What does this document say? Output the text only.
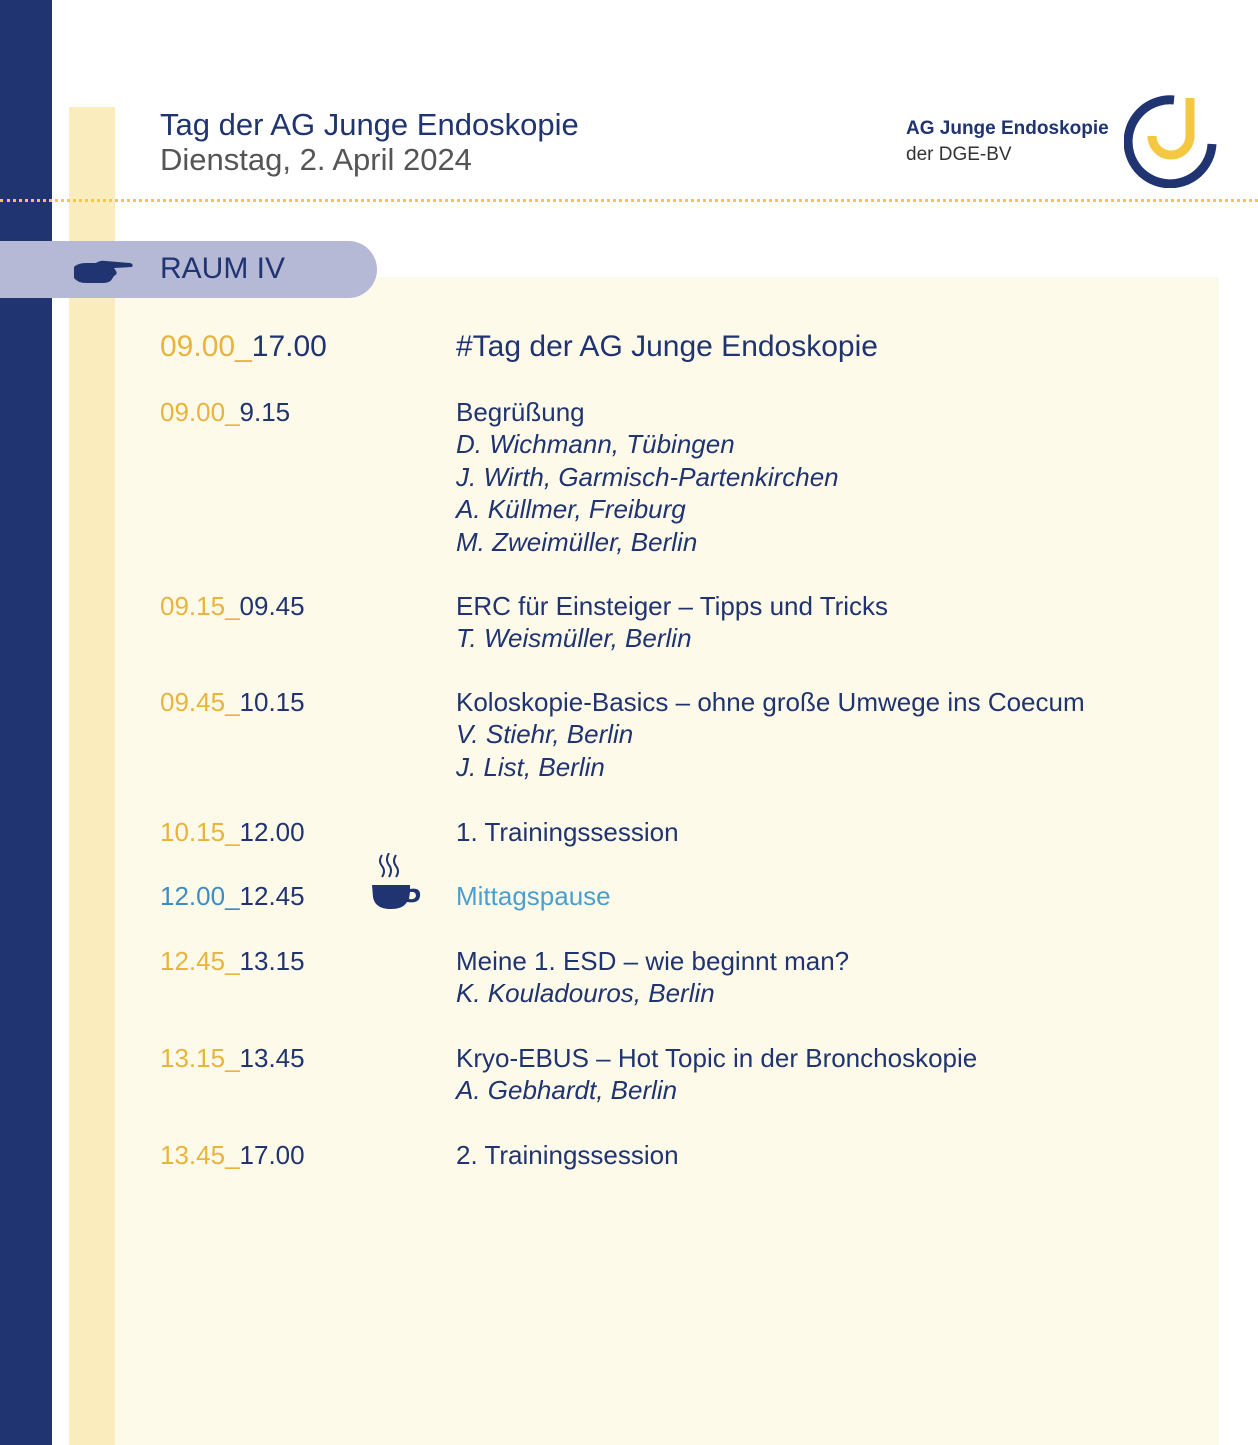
Tag der AG Junge Endoskopie
Dienstag, 2. April 2024
AG Junge Endoskopie
der DGE-BV
RAUM IV
09.00_17.00	#Tag der AG Junge Endoskopie
09.00_9.15	Begrüßung
D. Wichmann, Tübingen
J. Wirth, Garmisch-Partenkirchen
A. Küllmer, Freiburg
M. Zweimüller, Berlin
09.15_09.45	ERC für Einsteiger – Tipps und Tricks
T. Weismüller, Berlin
09.45_10.15	Koloskopie-Basics – ohne große Umwege ins Coecum
V. Stiehr, Berlin
J. List, Berlin
10.15_12.00	1. Trainingssession
12.00_12.45	Mittagspause
12.45_13.15	Meine 1. ESD – wie beginnt man?
K. Kouladouros, Berlin
13.15_13.45	Kryo-EBUS – Hot Topic in der Bronchoskopie
A. Gebhardt, Berlin
13.45_17.00	2. Trainingssession
